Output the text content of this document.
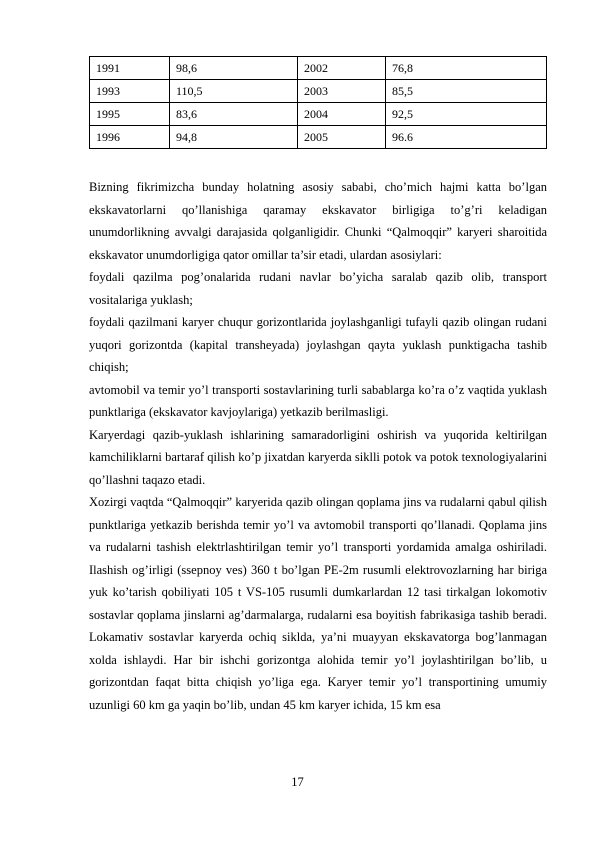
1991	98,6	2002	76,8
1993	110,5	2003	85,5
1995	83,6	2004	92,5
1996	94,8	2005	96.6

Bizning fikrimizcha bunday holatning asosiy sababi, cho’mich hajmi katta bo’lgan ekskavatorlarni qo’llanishiga qaramay ekskavator birligiga to’g’ri keladigan unumdorlikning avvalgi darajasida qolganligidir. Chunki “Qalmoqqir” karyeri sharoitida ekskavator unumdorligiga qator omillar ta’sir etadi, ulardan asosiylari:

foydali qazilma pog’onalarida rudani navlar bo’yicha saralab qazib olib, transport vositalariga yuklash;

foydali qazilmani karyer chuqur gorizontlarida joylashganligi tufayli qazib olingan rudani yuqori gorizontda (kapital transheyada) joylashgan qayta yuklash punktigacha tashib chiqish;

avtomobil va temir yo’l transporti sostavlarining turli sabablarga ko’ra o’z vaqtida yuklash punktlariga (ekskavator kavjoylariga) yetkazib berilmasligi.

Karyerdagi qazib-yuklash ishlarining samaradorligini oshirish va yuqorida keltirilgan kamchiliklarni bartaraf qilish ko’p jixatdan karyerda siklli potok va potok texnologiyalarini qo’llashni taqazo etadi.

Xozirgi vaqtda “Qalmoqqir” karyerida qazib olingan qoplama jins va rudalarni qabul qilish punktlariga yetkazib berishda temir yo’l va avtomobil transporti qo’llanadi. Qoplama jins va rudalarni tashish elektrlashtirilgan temir yo’l transporti yordamida amalga oshiriladi. Ilashish og’irligi (ssepnoy ves) 360 t bo’lgan PE-2m rusumli elektrovozlarning har biriga yuk ko’tarish qobiliyati 105 t VS-105 rusumli dumkarlardan 12 tasi tirkalgan lokomotiv sostavlar qoplama jinslarni ag’darmalarga, rudalarni esa boyitish fabrikasiga tashib beradi. Lokamativ sostavlar karyerda ochiq siklda, ya’ni muayyan ekskavatorga bog’lanmagan xolda ishlaydi. Har bir ishchi gorizontga alohida temir yo’l joylashtirilgan bo’lib, u gorizontdan faqat bitta chiqish yo’liga ega. Karyer temir yo’l transportining umumiy uzunligi 60 km ga yaqin bo’lib, undan 45 km karyer ichida, 15 km esa

17
